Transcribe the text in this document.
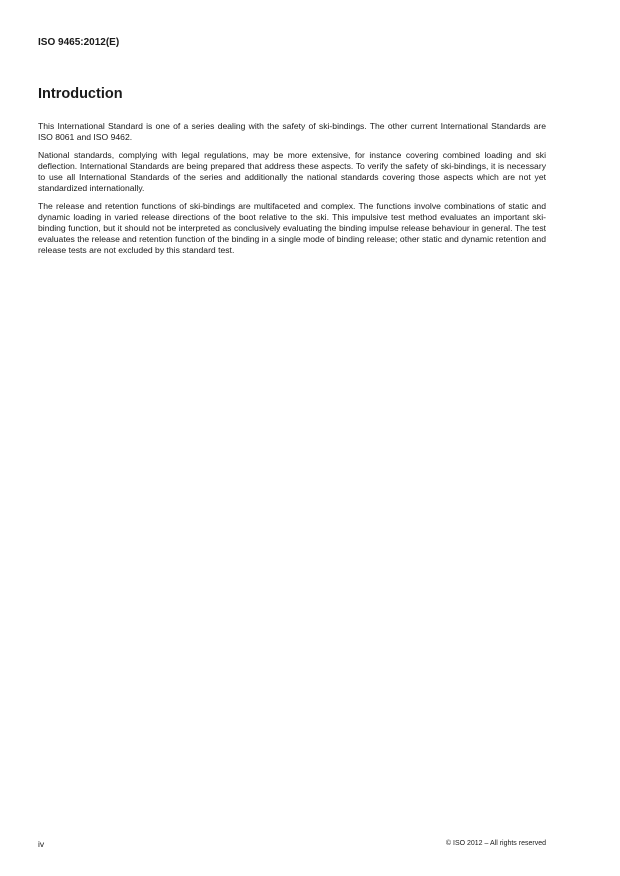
ISO 9465:2012(E)
Introduction

This International Standard is one of a series dealing with the safety of ski-bindings. The other current International Standards are ISO 8061 and ISO 9462.

National standards, complying with legal regulations, may be more extensive, for instance covering combined loading and ski deflection. International Standards are being prepared that address these aspects. To verify the safety of ski-bindings, it is necessary to use all International Standards of the series and additionally the national standards covering those aspects which are not yet standardized internationally.

The release and retention functions of ski-bindings are multifaceted and complex. The functions involve combinations of static and dynamic loading in varied release directions of the boot relative to the ski. This impulsive test method evaluates an important ski-binding function, but it should not be interpreted as conclusively evaluating the binding impulse release behaviour in general. The test evaluates the release and retention function of the binding in a single mode of binding release; other static and dynamic retention and release tests are not excluded by this standard test.

iv	© ISO 2012 – All rights reserved
